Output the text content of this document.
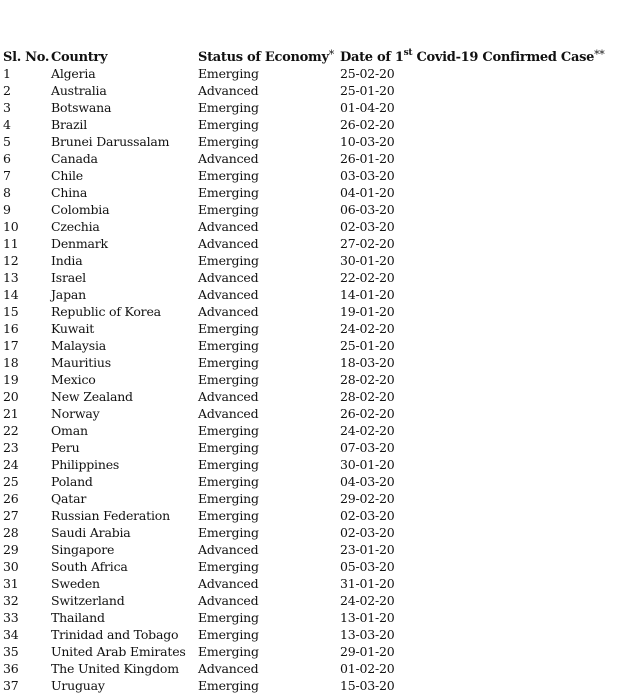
Sl. No.	Country	Status of Economy*	Date of 1st Covid-19 Confirmed Case**
1	Algeria	Emerging	25-02-20
2	Australia	Advanced	25-01-20
3	Botswana	Emerging	01-04-20
4	Brazil	Emerging	26-02-20
5	Brunei Darussalam	Emerging	10-03-20
6	Canada	Advanced	26-01-20
7	Chile	Emerging	03-03-20
8	China	Emerging	04-01-20
9	Colombia	Emerging	06-03-20
10	Czechia	Advanced	02-03-20
11	Denmark	Advanced	27-02-20
12	India	Emerging	30-01-20
13	Israel	Advanced	22-02-20
14	Japan	Advanced	14-01-20
15	Republic of Korea	Advanced	19-01-20
16	Kuwait	Emerging	24-02-20
17	Malaysia	Emerging	25-01-20
18	Mauritius	Emerging	18-03-20
19	Mexico	Emerging	28-02-20
20	New Zealand	Advanced	28-02-20
21	Norway	Advanced	26-02-20
22	Oman	Emerging	24-02-20
23	Peru	Emerging	07-03-20
24	Philippines	Emerging	30-01-20
25	Poland	Emerging	04-03-20
26	Qatar	Emerging	29-02-20
27	Russian Federation	Emerging	02-03-20
28	Saudi Arabia	Emerging	02-03-20
29	Singapore	Advanced	23-01-20
30	South Africa	Emerging	05-03-20
31	Sweden	Advanced	31-01-20
32	Switzerland	Advanced	24-02-20
33	Thailand	Emerging	13-01-20
34	Trinidad and Tobago	Emerging	13-03-20
35	United Arab Emirates	Emerging	29-01-20
36	The United Kingdom	Advanced	01-02-20
37	Uruguay	Emerging	15-03-20
